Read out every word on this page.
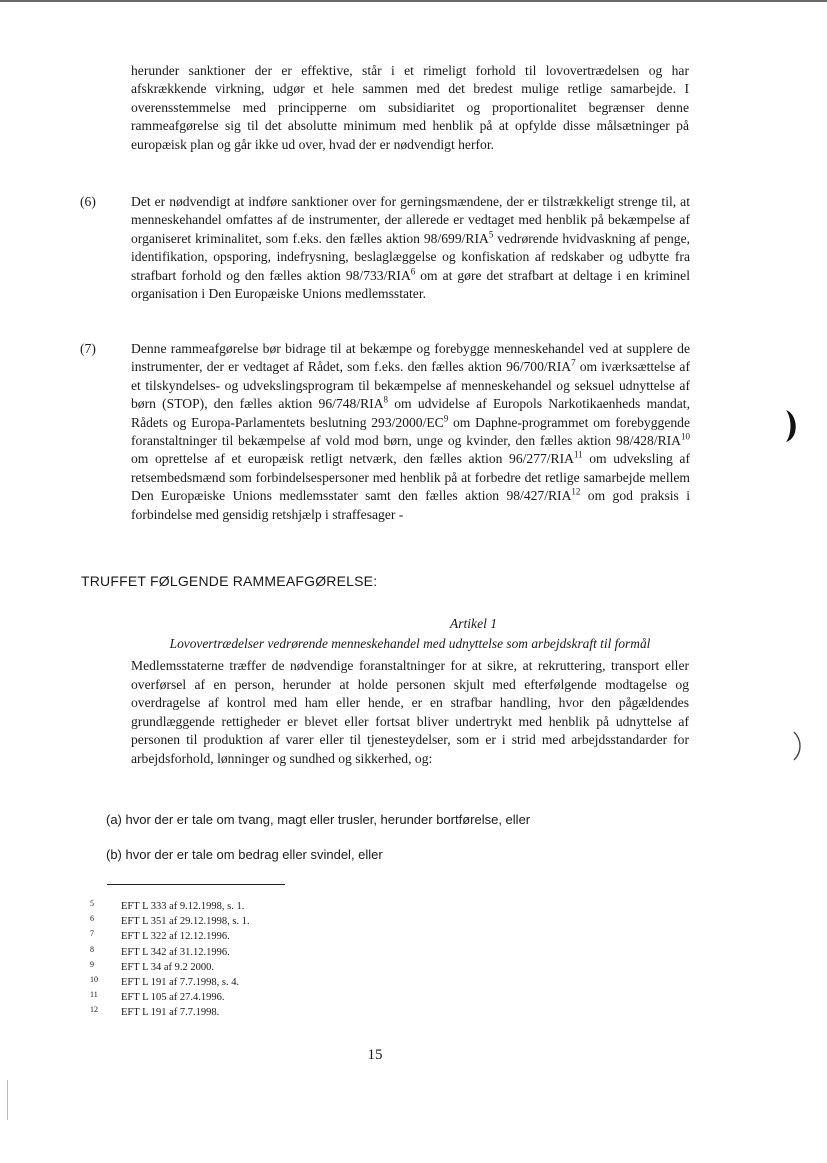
herunder sanktioner der er effektive, står i et rimeligt forhold til lovovertrædelsen og har afskrækkende virkning, udgør et hele sammen med det bredest mulige retlige samarbejde. I overensstemmelse med principperne om subsidiaritet og proportionalitet begrænser denne rammeafgørelse sig til det absolutte minimum med henblik på at opfylde disse målsætninger på europæisk plan og går ikke ud over, hvad der er nødvendigt herfor.
(6)	Det er nødvendigt at indføre sanktioner over for gerningsmændene, der er tilstrækkeligt strenge til, at menneskehandel omfattes af de instrumenter, der allerede er vedtaget med henblik på bekæmpelse af organiseret kriminalitet, som f.eks. den fælles aktion 98/699/RIA$^5$ vedrørende hvidvaskning af penge, identifikation, opsporing, indefrysning, beslaglæggelse og konfiskation af redskaber og udbytte fra strafbart forhold og den fælles aktion 98/733/RIA$^6$ om at gøre det strafbart at deltage i en kriminel organisation i Den Europæiske Unions medlemsstater.
(7)	Denne rammeafgørelse bør bidrage til at bekæmpe og forebygge menneskehandel ved at supplere de instrumenter, der er vedtaget af Rådet, som f.eks. den fælles aktion 96/700/RIA$^7$ om iværksættelse af et tilskyndelses- og udvekslingsprogram til bekæmpelse af menneskehandel og seksuel udnyttelse af børn (STOP), den fælles aktion 96/748/RIA$^8$ om udvidelse af Europols Narkotikaenheds mandat, Rådets og Europa-Parlamentets beslutning $293/2000/EC^9$ om Daphne-programmet om forebyggende foranstaltninger til bekæmpelse af vold mod børn, unge og kvinder, den fælles aktion 98/428/RIA$^{10}$ om oprettelse af et europæisk retligt netværk, den fælles aktion 96/277/RIA$^{11}$ om udveksling af retsembedsmænd som forbindelsespersoner med henblik på at forbedre det retlige samarbejde mellem Den Europæiske Unions medlemsstater samt den fælles aktion 98/427/RIA$^{12}$ om god praksis i forbindelse med gensidig retshjælp i straffesager -
TRUFFET FØLGENDE RAMMEAFGØRELSE:
Artikel 1
Lovovertrædelser vedrørende menneskehandel med udnyttelse som arbejdskraft til formål
Medlemsstaterne træffer de nødvendige foranstaltninger for at sikre, at rekruttering, transport eller overførsel af en person, herunder at holde personen skjult med efterfølgende modtagelse og overdragelse af kontrol med ham eller hende, er en strafbar handling, hvor den pågældendes grundlæggende rettigheder er blevet eller fortsat bliver undertrykt med henblik på udnyttelse af personen til produktion af varer eller til tjenesteydelser, som er i strid med arbejdsstandarder for arbejdsforhold, lønninger og sundhed og sikkerhed, og:
(a) hvor der er tale om tvang, magt eller trusler, herunder bortførelse, eller
(b) hvor der er tale om bedrag eller svindel, eller
5	EFT L 333 af 9.12.1998, s. 1.
6	EFT L 351 af 29.12.1998, s. 1.
7	EFT L 322 af 12.12.1996.
8	EFT L 342 af 31.12.1996.
9	EFT L 34 af 9.2 2000.
10 EFT L 191 af 7.7.1998, s. 4.
11 EFT L 105 af 27.4.1996.
12 EFT L 191 af 7.7.1998.
15
